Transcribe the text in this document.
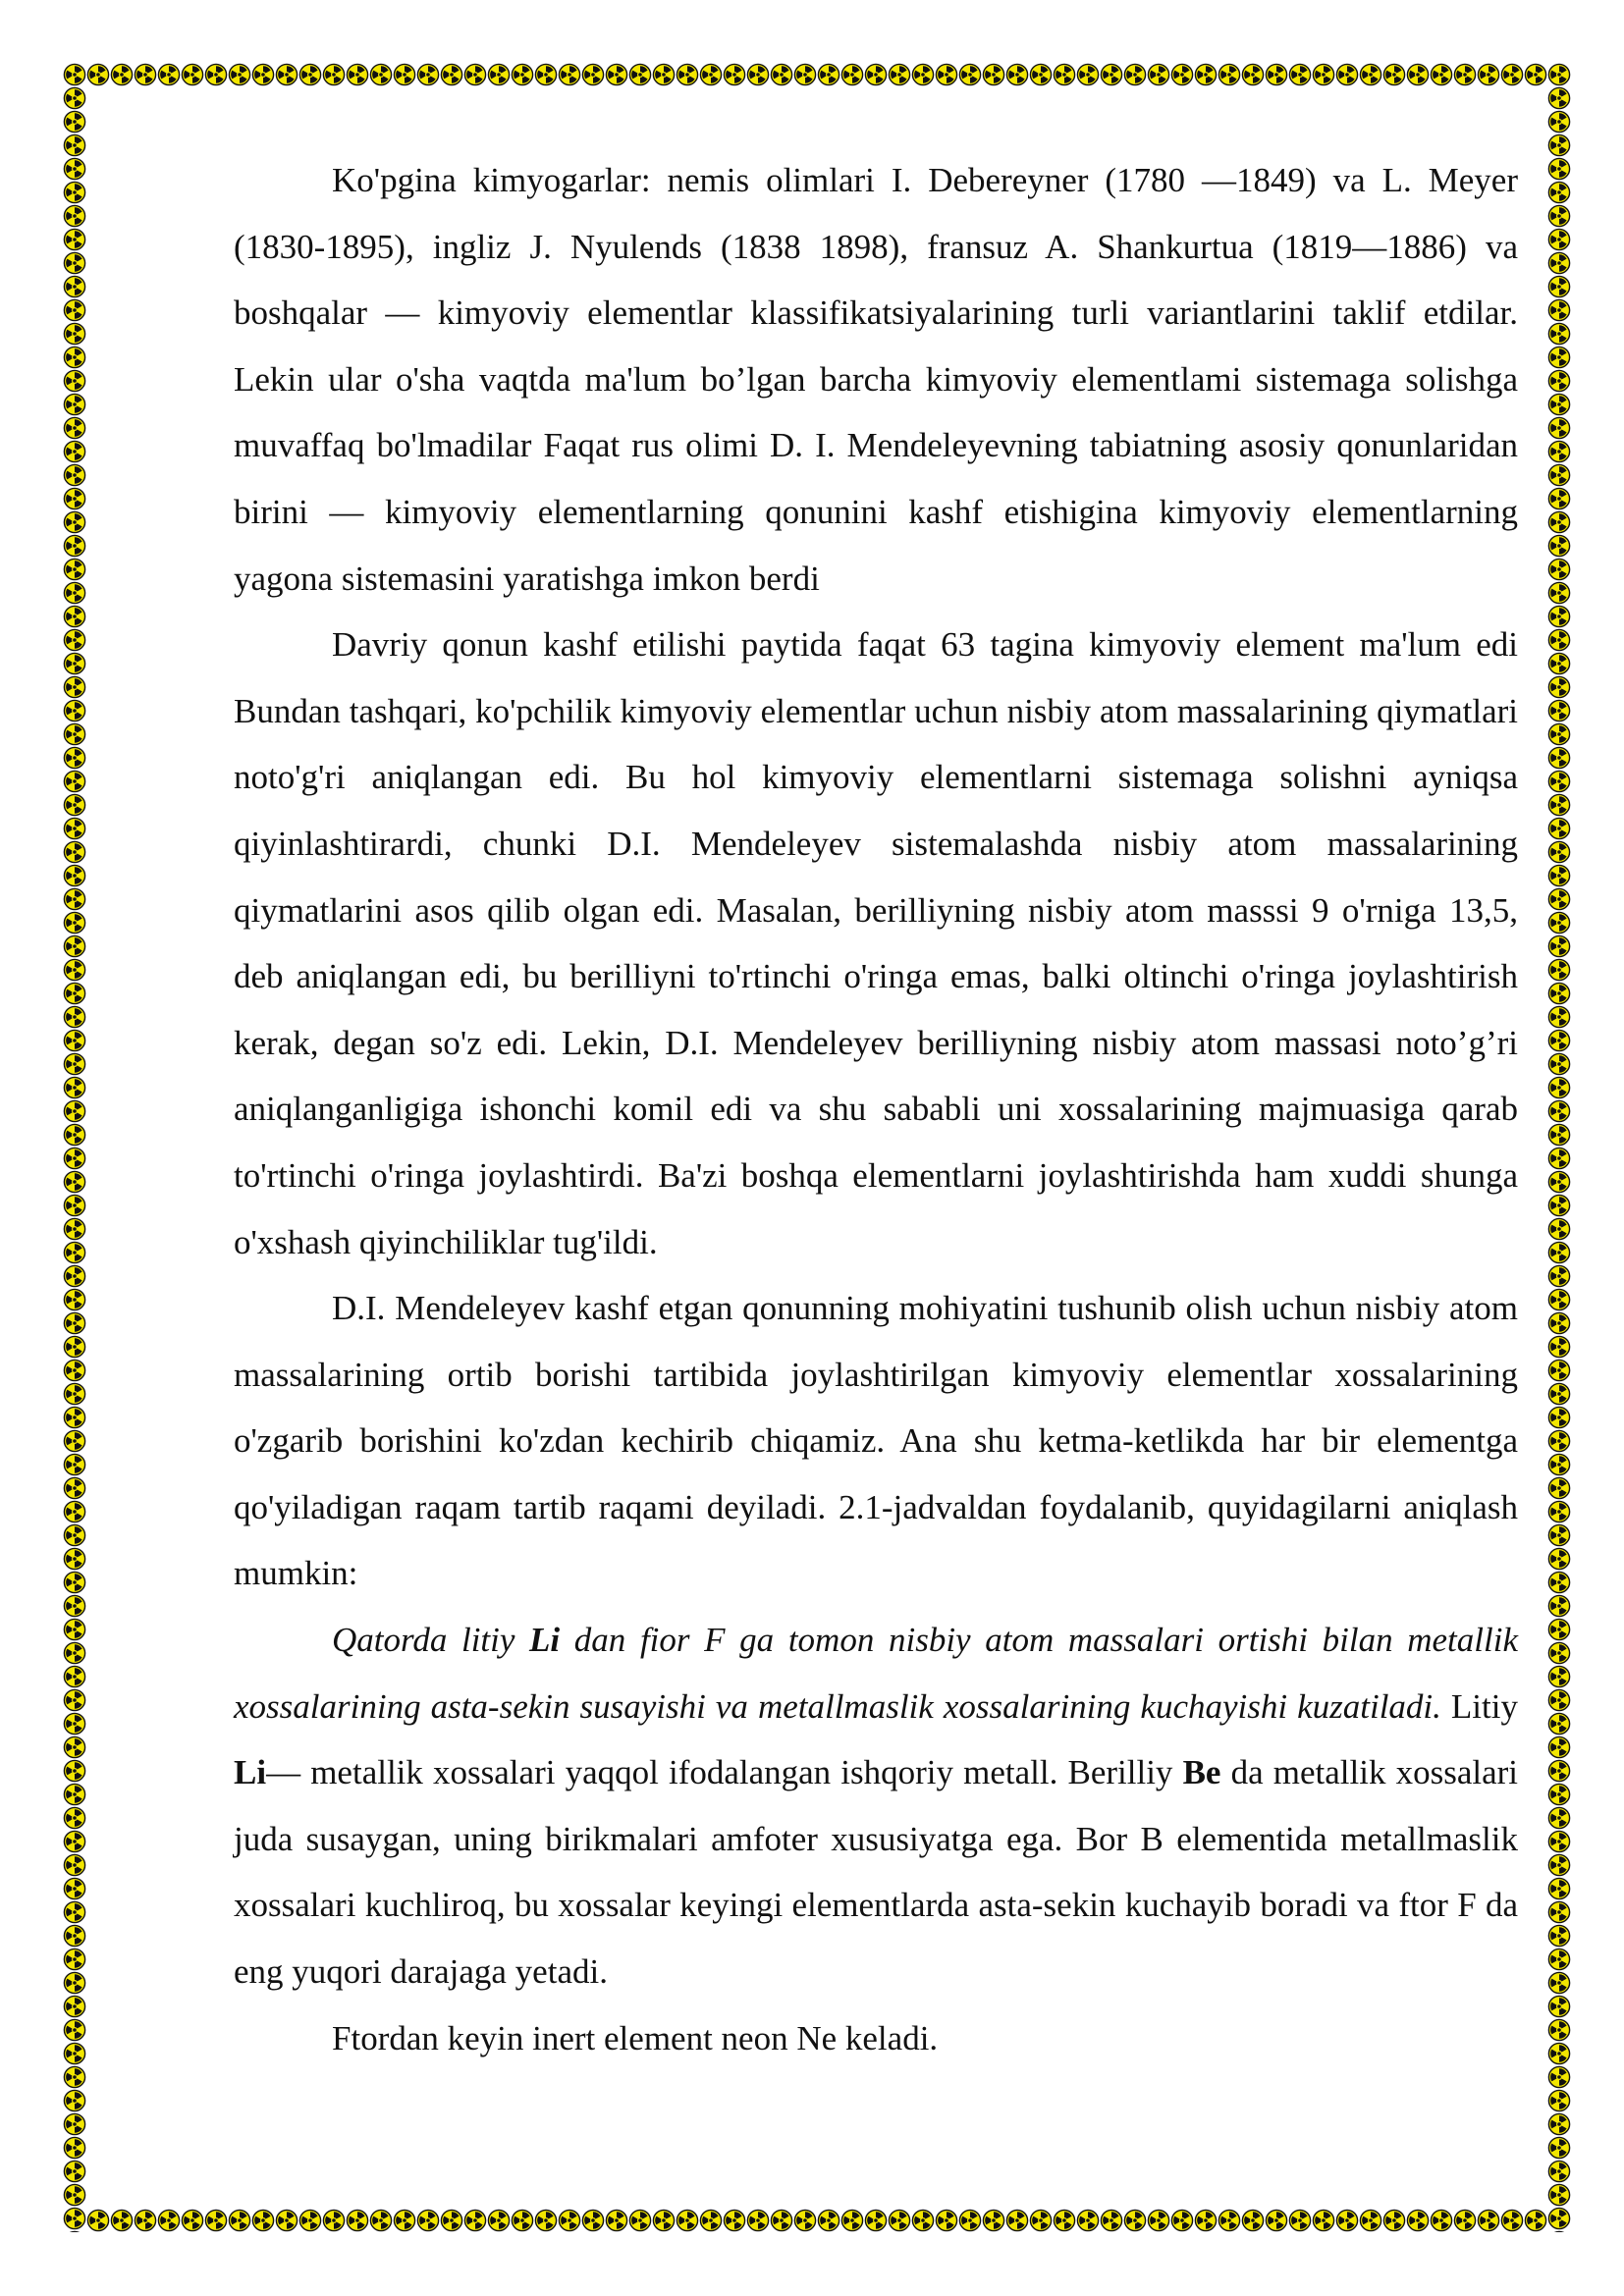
Ko'pgina kimyogarlar: nemis olimlari I. Debereyner (1780 —1849) va L. Meyer (1830-1895), ingliz J. Nyulends (1838 1898), fransuz A. Shankurtua (1819—1886) va boshqalar — kimyoviy elementlar klassifikatsiyalarining turli variantlarini taklif etdilar. Lekin ular o'sha vaqtda ma'lum bo’lgan barcha kimyoviy elementlami sistemaga solishga muvaffaq bo'lmadilar Faqat rus olimi D. I. Mendeleyevning tabiatning asosiy qonunlaridan birini — kimyoviy elementlarning qonunini kashf etishigina kimyoviy elementlarning yagona sistemasini yaratishga imkon berdi

Davriy qonun kashf etilishi paytida faqat 63 tagina kimyoviy element ma'lum edi Bundan tashqari, ko'pchilik kimyoviy elementlar uchun nisbiy atom massalarining qiymatlari noto'g'ri aniqlangan edi. Bu hol kimyoviy elementlarni sistemaga solishni ayniqsa qiyinlashtirardi, chunki D.I. Mendeleyev sistemalashda nisbiy atom massalarining qiymatlarini asos qilib olgan edi. Masalan, berilliyning nisbiy atom masssi 9 o'rniga 13,5, deb aniqlangan edi, bu berilliyni to'rtinchi o'ringa emas, balki oltinchi o'ringa joylashtirish kerak, degan so'z edi. Lekin, D.I. Mendeleyev berilliyning nisbiy atom massasi noto’g’ri aniqlanganligiga ishonchi komil edi va shu sababli uni xossalarining majmuasiga qarab to'rtinchi o'ringa joylashtirdi. Ba'zi boshqa elementlarni joylashtirishda ham xuddi shunga o'xshash qiyinchiliklar tug'ildi.

D.I. Mendeleyev kashf etgan qonunning mohiyatini tushunib olish uchun nisbiy atom massalarining ortib borishi tartibida joylashtirilgan kimyoviy elementlar xossalarining o'zgarib borishini ko'zdan kechirib chiqamiz. Ana shu ketma-ketlikda har bir elementga qo'yiladigan raqam tartib raqami deyiladi. 2.1-jadvaldan foydalanib, quyidagilarni aniqlash mumkin:

Qatorda litiy Li dan fior F ga tomon nisbiy atom massalari ortishi bilan metallik xossalarining asta-sekin susayishi va metallmaslik xossalarining kuchayishi kuzatiladi. Litiy Li— metallik xossalari yaqqol ifodalangan ishqoriy metall. Berilliy Be da metallik xossalari juda susaygan, uning birikmalari amfoter xususiyatga ega. Bor B elementida metallmaslik xossalari kuchliroq, bu xossalar keyingi elementlarda asta-sekin kuchayib boradi va ftor F da eng yuqori darajaga yetadi.

Ftordan keyin inert element neon Ne keladi.
